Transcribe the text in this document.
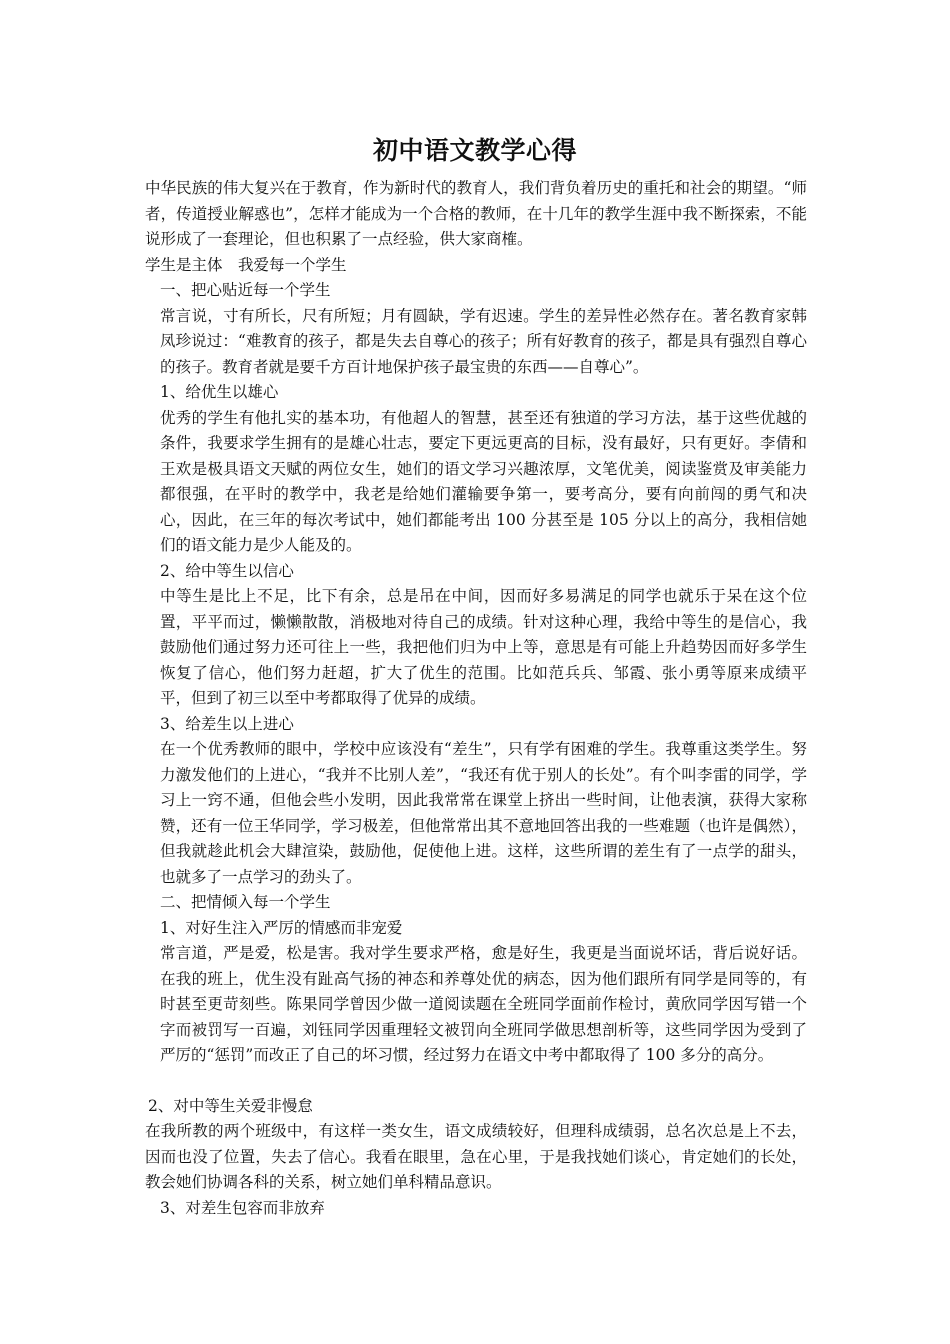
初中语文教学心得

中华民族的伟大复兴在于教育，作为新时代的教育人，我们背负着历史的重托和社会的期望。“师者，传道授业解惑也”，怎样才能成为一个合格的教师，在十几年的教学生涯中我不断探索，不能说形成了一套理论，但也积累了一点经验，供大家商榷。

学生是主体　我爱每一个学生

一、把心贴近每一个学生

常言说，寸有所长，尺有所短；月有圆缺，学有迟速。学生的差异性必然存在。著名教育家韩凤珍说过：“难教育的孩子，都是失去自尊心的孩子；所有好教育的孩子，都是具有强烈自尊心的孩子。教育者就是要千方百计地保护孩子最宝贵的东西——自尊心”。

1、给优生以雄心

优秀的学生有他扎实的基本功，有他超人的智慧，甚至还有独道的学习方法，基于这些优越的条件，我要求学生拥有的是雄心壮志，要定下更远更高的目标，没有最好，只有更好。李倩和王欢是极具语文天赋的两位女生，她们的语文学习兴趣浓厚，文笔优美，阅读鉴赏及审美能力都很强，在平时的教学中，我老是给她们灌输要争第一，要考高分，要有向前闯的勇气和决心，因此，在三年的每次考试中，她们都能考出 100 分甚至是 105 分以上的高分，我相信她们的语文能力是少人能及的。

2、给中等生以信心

中等生是比上不足，比下有余，总是吊在中间，因而好多易满足的同学也就乐于呆在这个位置，平平而过，懒懒散散，消极地对待自己的成绩。针对这种心理，我给中等生的是信心，我鼓励他们通过努力还可往上一些，我把他们归为中上等，意思是有可能上升趋势因而好多学生恢复了信心，他们努力赶超，扩大了优生的范围。比如范兵兵、邹霞、张小勇等原来成绩平平，但到了初三以至中考都取得了优异的成绩。

3、给差生以上进心

在一个优秀教师的眼中，学校中应该没有“差生”，只有学有困难的学生。我尊重这类学生。努力激发他们的上进心，“我并不比别人差”，“我还有优于别人的长处”。有个叫李雷的同学，学习上一窍不通，但他会些小发明，因此我常常在课堂上挤出一些时间，让他表演，获得大家称赞，还有一位王华同学，学习极差，但他常常出其不意地回答出我的一些难题（也许是偶然），但我就趁此机会大肆渲染，鼓励他，促使他上进。这样，这些所谓的差生有了一点学的甜头，也就多了一点学习的劲头了。

二、把情倾入每一个学生

1、对好生注入严厉的情感而非宠爱

常言道，严是爱，松是害。我对学生要求严格，愈是好生，我更是当面说坏话，背后说好话。在我的班上，优生没有趾高气扬的神态和养尊处优的病态，因为他们跟所有同学是同等的，有时甚至更苛刻些。陈果同学曾因少做一道阅读题在全班同学面前作检讨，黄欣同学因写错一个字而被罚写一百遍，刘钰同学因重理轻文被罚向全班同学做思想剖析等，这些同学因为受到了严厉的“惩罚”而改正了自己的坏习惯，经过努力在语文中考中都取得了 100 多分的高分。

2、对中等生关爱非慢怠

在我所教的两个班级中，有这样一类女生，语文成绩较好，但理科成绩弱，总名次总是上不去，因而也没了位置，失去了信心。我看在眼里，急在心里，于是我找她们谈心，肯定她们的长处，教会她们协调各科的关系，树立她们单科精品意识。

3、对差生包容而非放弃
